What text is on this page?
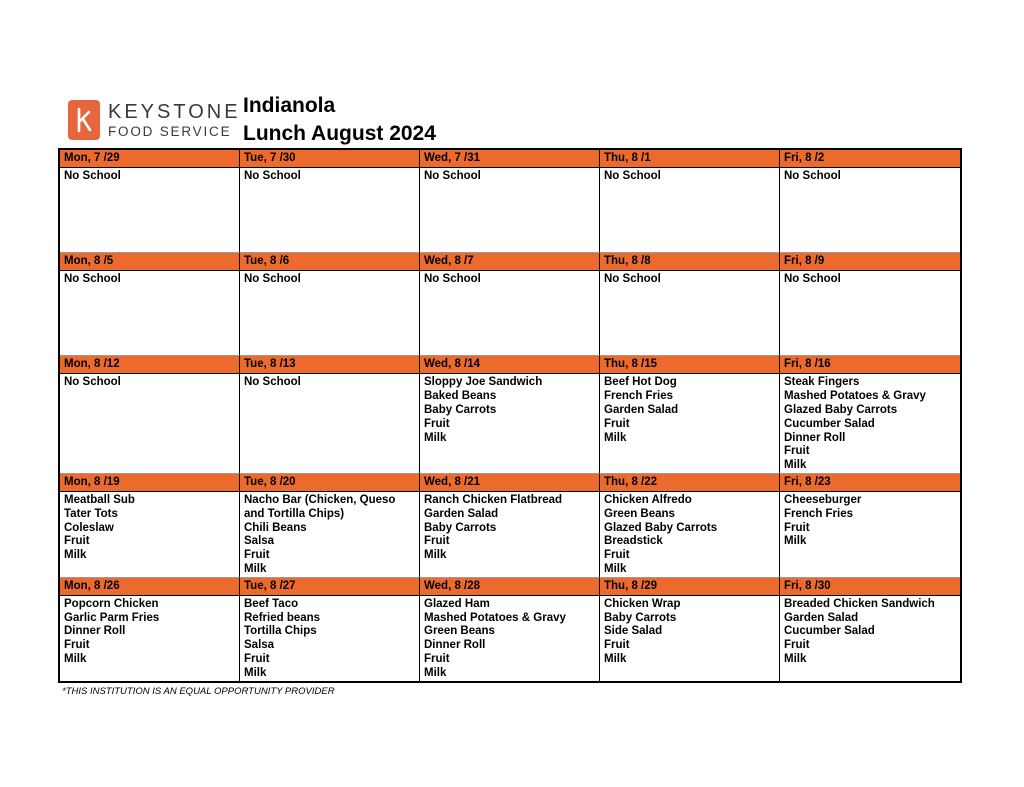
KEYSTONE
FOOD SERVICE
Indianola
Lunch August 2024
Mon, 7 /29
No School
Tue, 7 /30
No School
Wed, 7 /31
No School
Thu, 8 /1
No School
Fri, 8 /2
No School
Mon, 8 /5
No School
Tue, 8 /6
No School
Wed, 8 /7
No School
Thu, 8 /8
No School
Fri, 8 /9
No School
Mon, 8 /12
No School
Tue, 8 /13
No School
Wed, 8 /14
Sloppy Joe Sandwich
Baked Beans
Baby Carrots
Fruit
Milk
Thu, 8 /15
Beef Hot Dog
French Fries
Garden Salad
Fruit
Milk
Fri, 8 /16
Steak Fingers
Mashed Potatoes & Gravy
Glazed Baby Carrots
Cucumber Salad
Dinner Roll
Fruit
Milk
Mon, 8 /19
Meatball Sub
Tater Tots
Coleslaw
Fruit
Milk
Tue, 8 /20
Nacho Bar (Chicken, Queso and Tortilla Chips)
Chili Beans
Salsa
Fruit
Milk
Wed, 8 /21
Ranch Chicken Flatbread
Garden Salad
Baby Carrots
Fruit
Milk
Thu, 8 /22
Chicken Alfredo
Green Beans
Glazed Baby Carrots
Breadstick
Fruit
Milk
Fri, 8 /23
Cheeseburger
French Fries
Fruit
Milk
Mon, 8 /26
Popcorn Chicken
Garlic Parm Fries
Dinner Roll
Fruit
Milk
Tue, 8 /27
Beef Taco
Refried beans
Tortilla Chips
Salsa
Fruit
Milk
Wed, 8 /28
Glazed Ham
Mashed Potatoes & Gravy
Green Beans
Dinner Roll
Fruit
Milk
Thu, 8 /29
Chicken Wrap
Baby Carrots
Side Salad
Fruit
Milk
Fri, 8 /30
Breaded Chicken Sandwich
Garden Salad
Cucumber Salad
Fruit
Milk
*THIS INSTITUTION IS AN EQUAL OPPORTUNITY PROVIDER
